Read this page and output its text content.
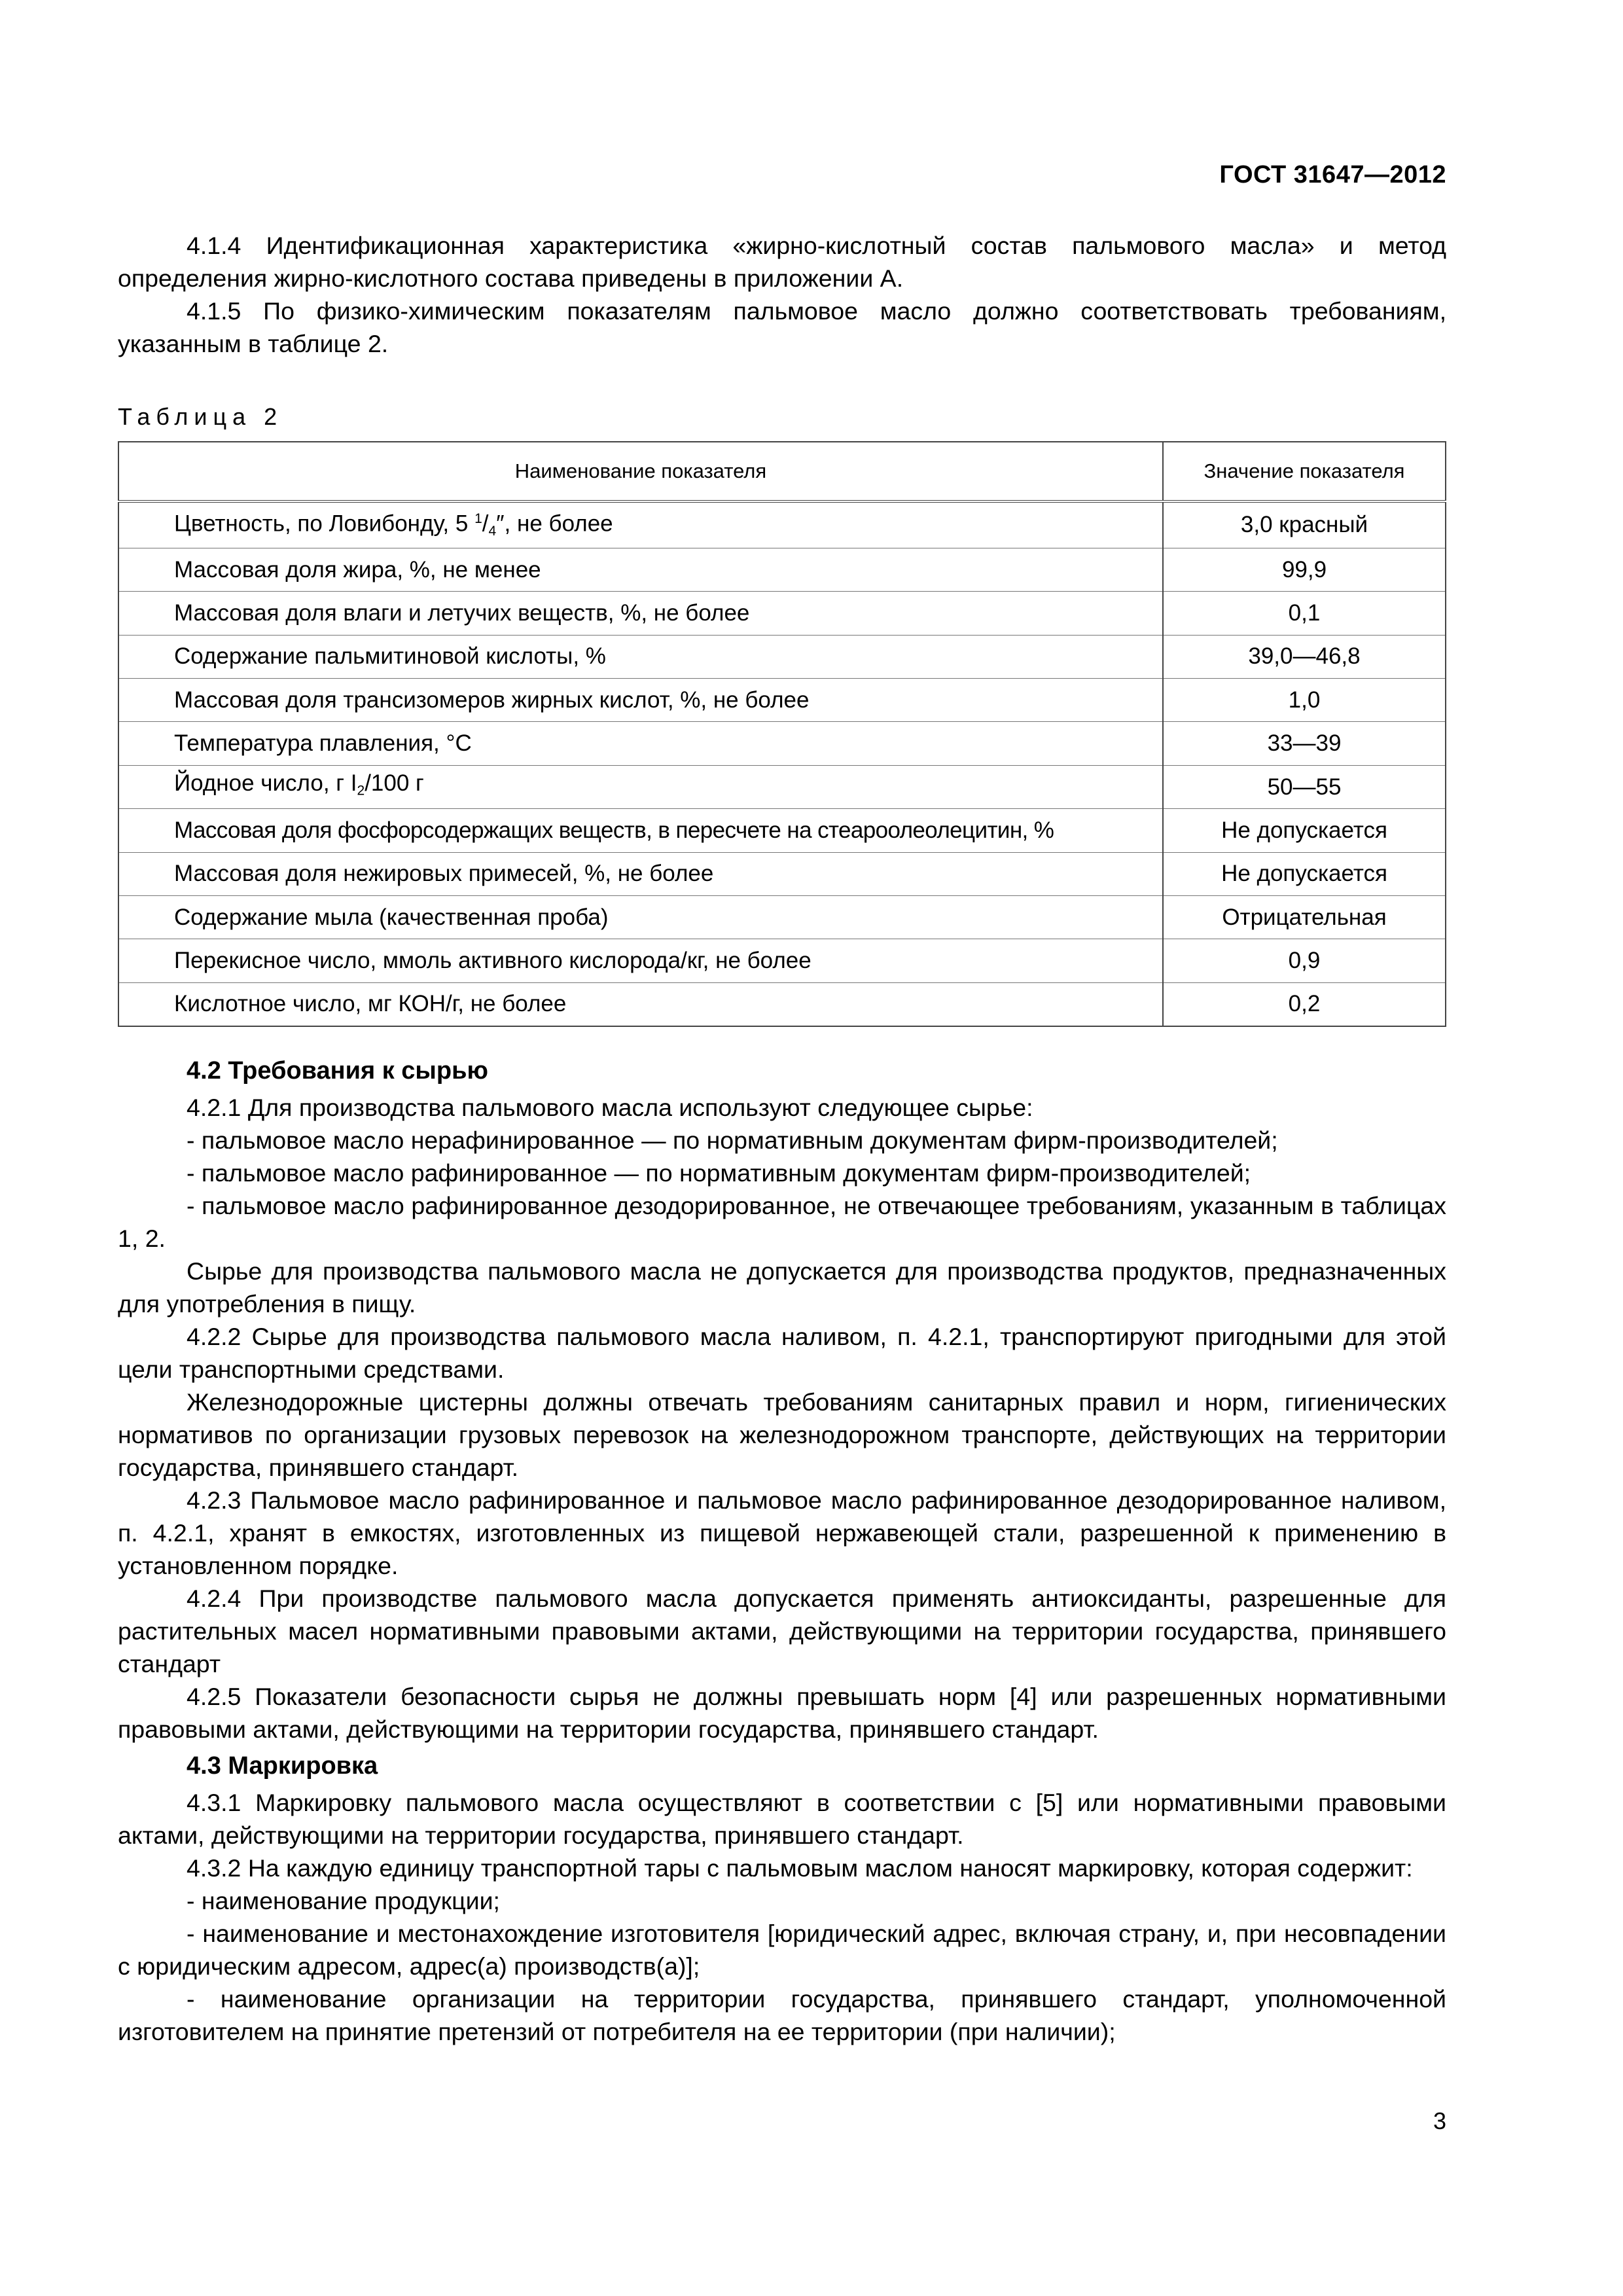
ГОСТ 31647—2012

4.1.4 Идентификационная характеристика «жирно-кислотный состав пальмового масла» и метод определения жирно-кислотного состава приведены в приложении А.

4.1.5 По физико-химическим показателям пальмовое масло должно соответствовать требованиям, указанным в таблице 2.

Таблица 2
Наименование показателя	Значение показателя
Цветность, по Ловибонду, 5 $^1/_4''$, не более	3,0 красный
Массовая доля жира, %, не менее	99,9
Массовая доля влаги и летучих веществ, %, не более	0,1
Содержание пальмитиновой кислоты, %	39,0—46,8
Массовая доля трансизомеров жирных кислот, %, не более	1,0
Температура плавления, °С	33—39
Йодное число, г $I_2/100$ г	50—55
Массовая доля фосфорсодержащих веществ, в пересчете на стеароолеолецитин, %	Не допускается
Массовая доля нежировых примесей, %, не более	Не допускается
Содержание мыла (качественная проба)	Отрицательная
Перекисное число, ммоль активного кислорода/кг, не более	0,9
Кислотное число, мг КОН/г, не более	0,2

4.2 Требования к сырью

4.2.1 Для производства пальмового масла используют следующее сырье:

- пальмовое масло нерафинированное — по нормативным документам фирм-производителей;

- пальмовое масло рафинированное — по нормативным документам фирм-производителей;

- пальмовое масло рафинированное дезодорированное, не отвечающее требованиям, указанным в таблицах 1, 2.

Сырье для производства пальмового масла не допускается для производства продуктов, предназначенных для употребления в пищу.

4.2.2 Сырье для производства пальмового масла наливом, п. 4.2.1, транспортируют пригодными для этой цели транспортными средствами.

Железнодорожные цистерны должны отвечать требованиям санитарных правил и норм, гигиенических нормативов по организации грузовых перевозок на железнодорожном транспорте, действующих на территории государства, принявшего стандарт.

4.2.3 Пальмовое масло рафинированное и пальмовое масло рафинированное дезодорированное наливом, п. 4.2.1, хранят в емкостях, изготовленных из пищевой нержавеющей стали, разрешенной к применению в установленном порядке.

4.2.4 При производстве пальмового масла допускается применять антиоксиданты, разрешенные для растительных масел нормативными правовыми актами, действующими на территории государства, принявшего стандарт

4.2.5 Показатели безопасности сырья не должны превышать норм [4] или разрешенных нормативными правовыми актами, действующими на территории государства, принявшего стандарт.

4.3 Маркировка

4.3.1 Маркировку пальмового масла осуществляют в соответствии с [5] или нормативными правовыми актами, действующими на территории государства, принявшего стандарт.

4.3.2 На каждую единицу транспортной тары с пальмовым маслом наносят маркировку, которая содержит:

- наименование продукции;

- наименование и местонахождение изготовителя [юридический адрес, включая страну, и, при несовпадении с юридическим адресом, адрес(а) производств(а)];

- наименование организации на территории государства, принявшего стандарт, уполномоченной изготовителем на принятие претензий от потребителя на ее территории (при наличии);

3
